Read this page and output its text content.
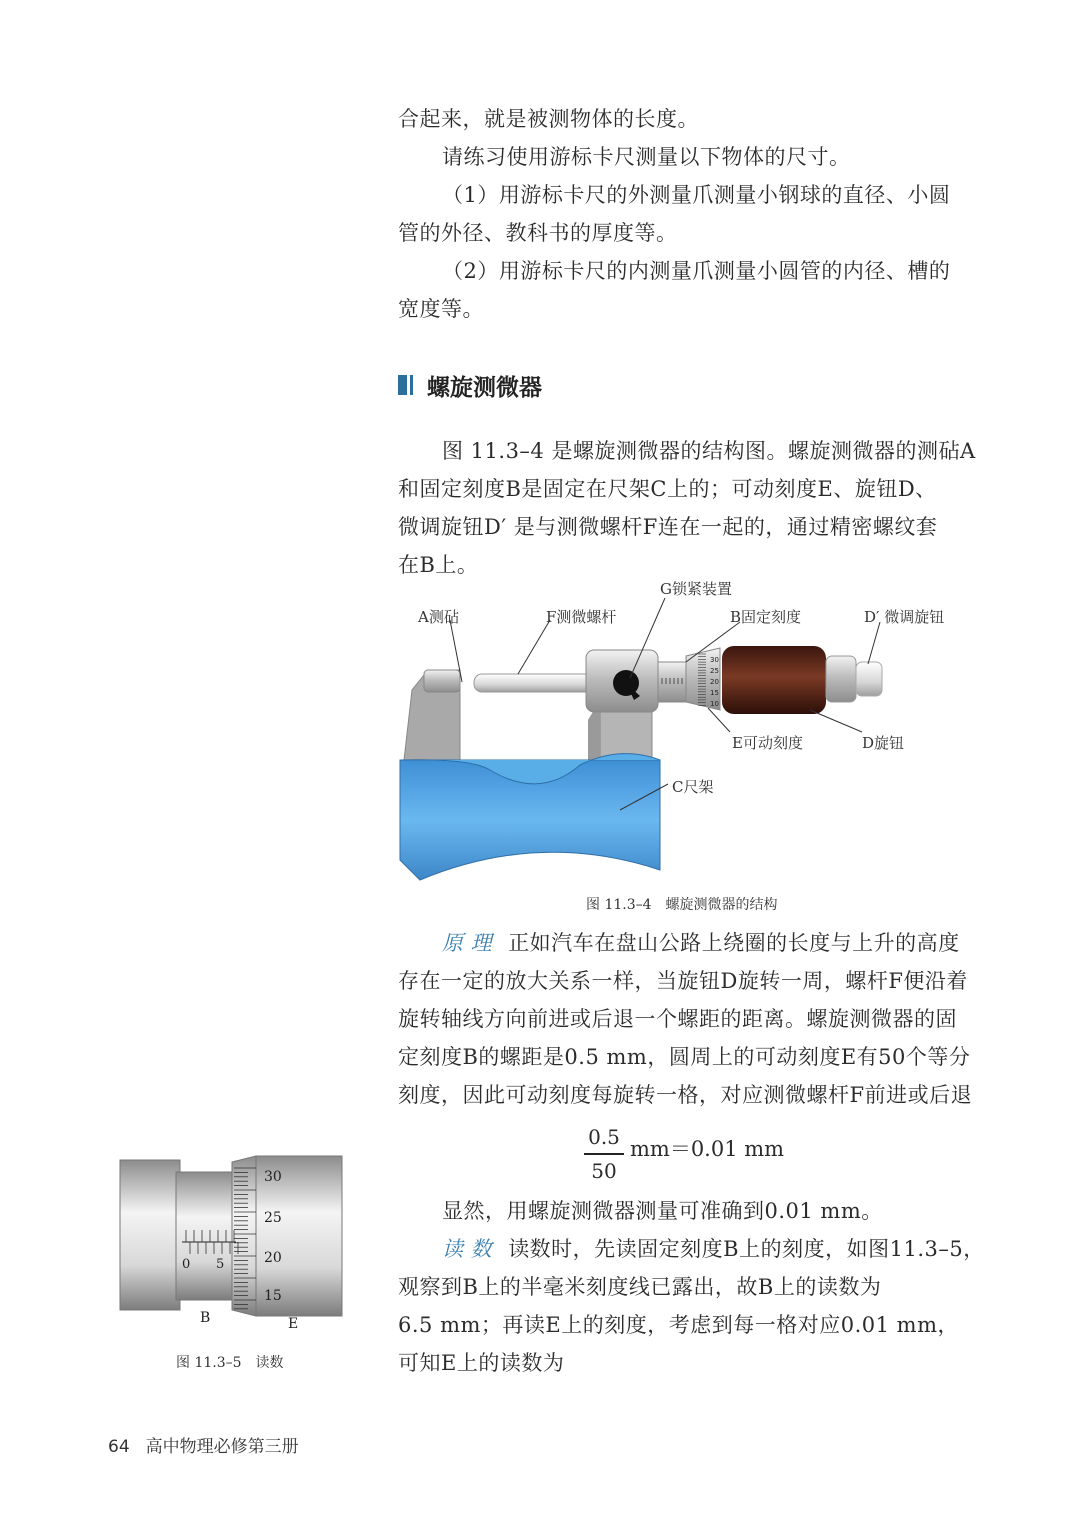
合起来，就是被测物体的长度。

请练习使用游标卡尺测量以下物体的尺寸。

（1）用游标卡尺的外测量爪测量小钢球的直径、小圆

管的外径、教科书的厚度等。

（2）用游标卡尺的内测量爪测量小圆管的内径、槽的

宽度等。

螺旋测微器

图 11.3–4 是螺旋测微器的结构图。螺旋测微器的测砧A

和固定刻度B是固定在尺架C上的；可动刻度E、旋钮D、

微调旋钮D′ 是与测微螺杆F连在一起的，通过精密螺纹套

在B上。

30
25
20
15
10
G锁紧装置
A测砧	F测微螺杆	B固定刻度	D′ 微调旋钮
E可动刻度	D旋钮
C尺架
图 11.3–4　螺旋测微器的结构

原 理 正如汽车在盘山公路上绕圈的长度与上升的高度

存在一定的放大关系一样，当旋钮D旋转一周，螺杆F便沿着

旋转轴线方向前进或后退一个螺距的距离。螺旋测微器的固

定刻度B的螺距是0.5 mm，圆周上的可动刻度E有50个等分

刻度，因此可动刻度每旋转一格，对应测微螺杆F前进或后退

0.5
50
mm＝0.01 mm

显然，用螺旋测微器测量可准确到0.01 mm。

读 数 读数时，先读固定刻度B上的刻度，如图11.3–5，

观察到B上的半毫米刻度线已露出，故B上的读数为

6.5 mm；再读E上的刻度，考虑到每一格对应0.01 mm，

可知E上的读数为

0 5
30
25
20
15
B	E
图 11.3–5　读数
64 高中物理必修第三册
